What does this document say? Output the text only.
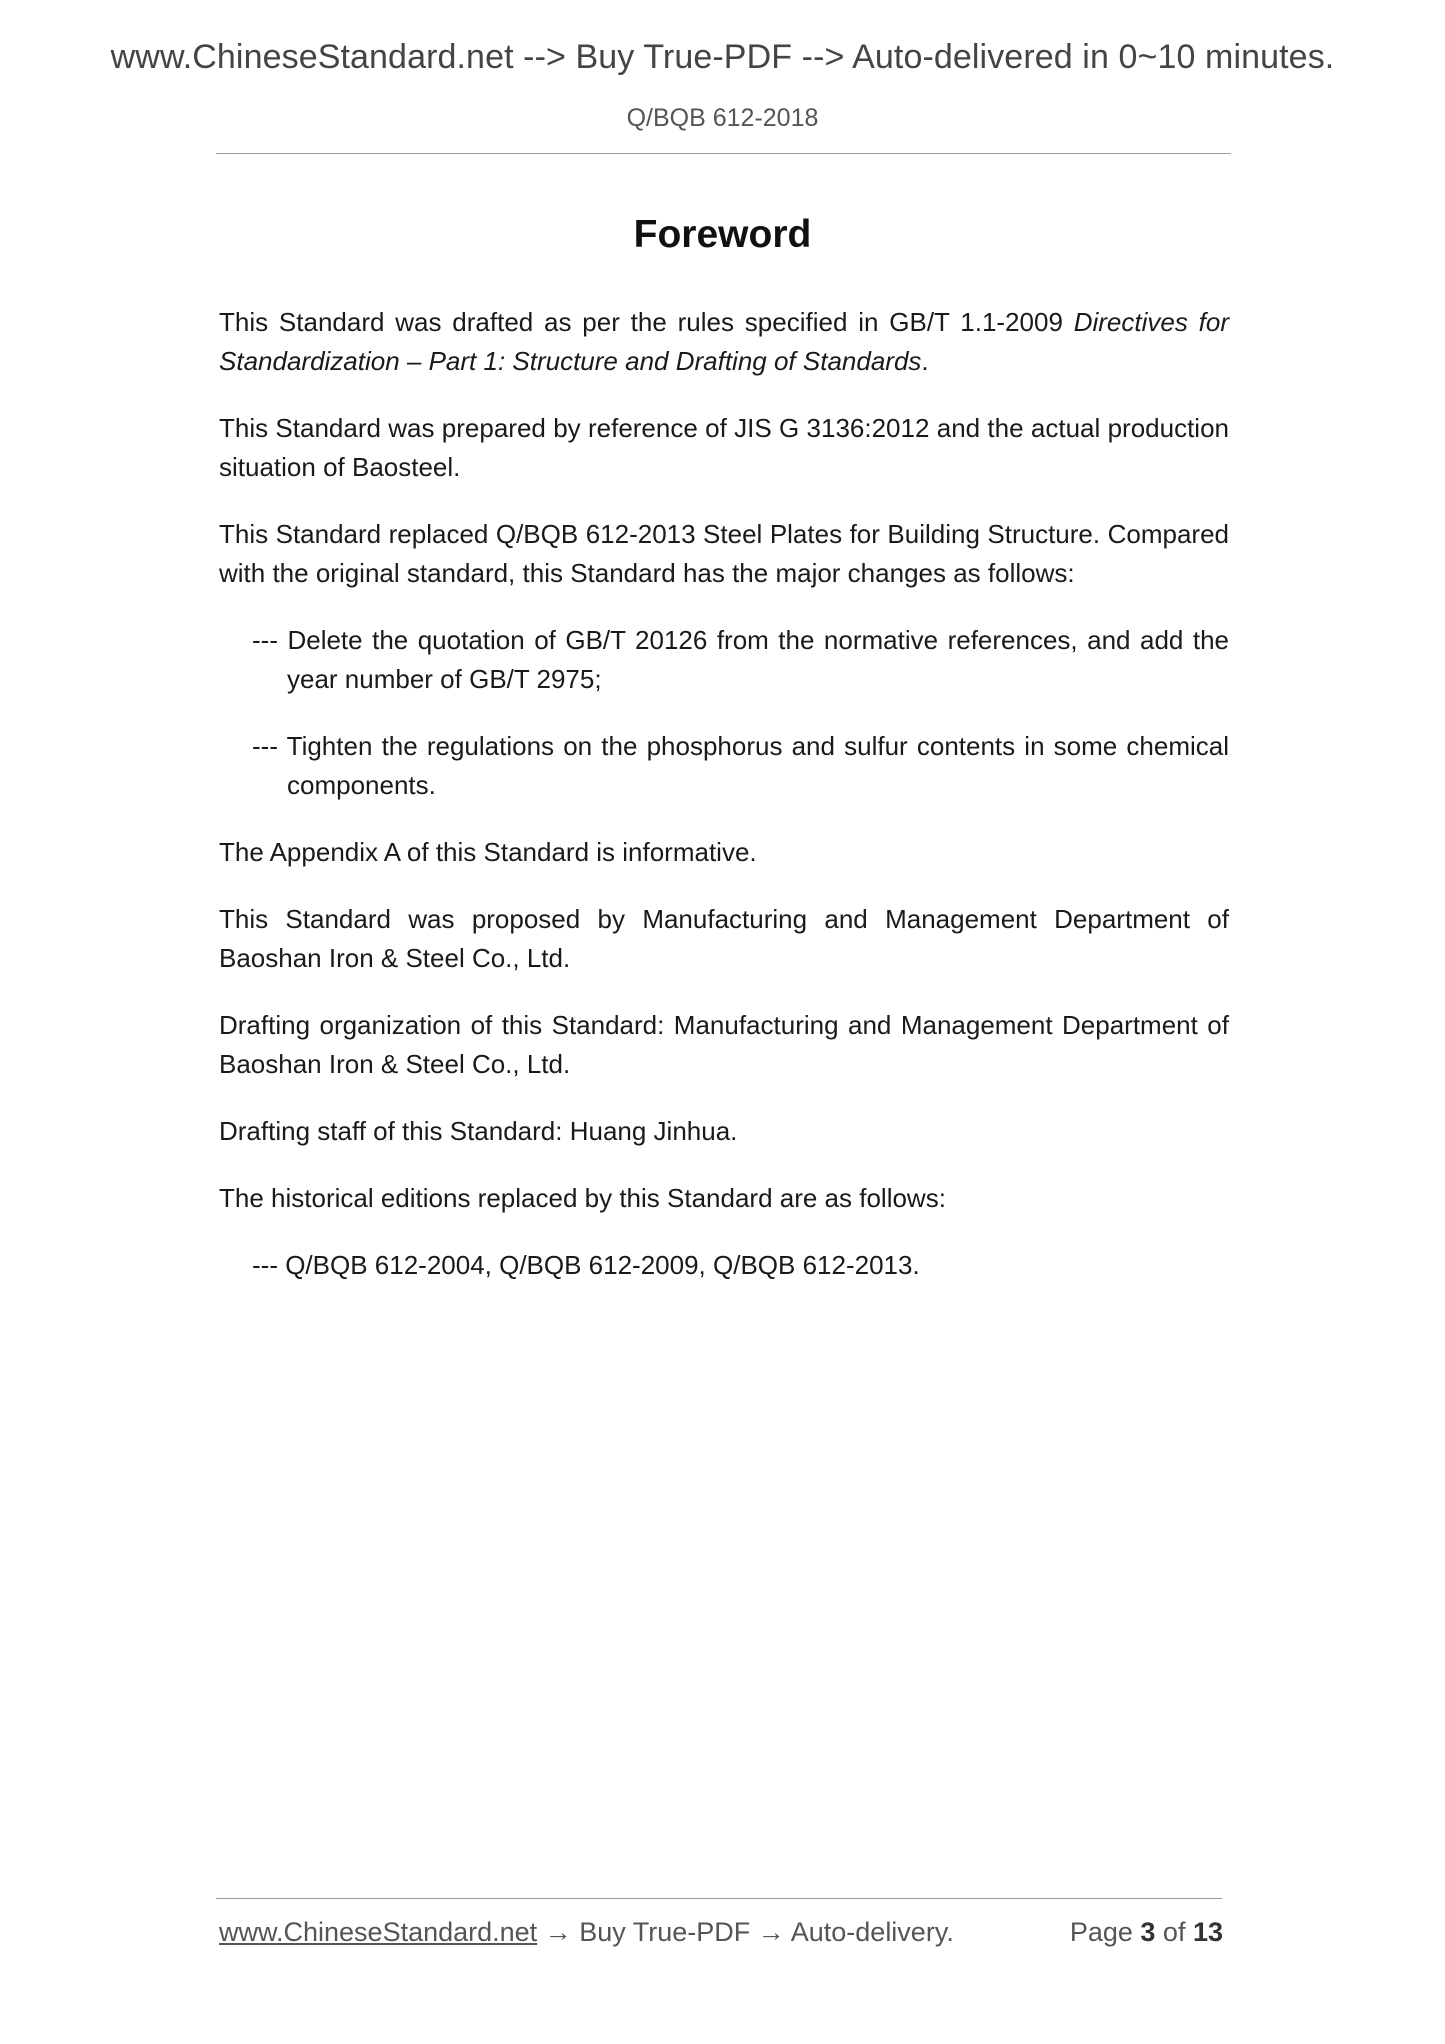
www.ChineseStandard.net --> Buy True-PDF --> Auto-delivered in 0~10 minutes.
Q/BQB 612-2018
Foreword

This Standard was drafted as per the rules specified in GB/T 1.1-2009 Directives for Standardization – Part 1: Structure and Drafting of Standards.

This Standard was prepared by reference of JIS G 3136:2012 and the actual production situation of Baosteel.

This Standard replaced Q/BQB 612-2013 Steel Plates for Building Structure. Compared with the original standard, this Standard has the major changes as follows:

--- Delete the quotation of GB/T 20126 from the normative references, and add the year number of GB/T 2975;

--- Tighten the regulations on the phosphorus and sulfur contents in some chemical components.

The Appendix A of this Standard is informative.

This Standard was proposed by Manufacturing and Management Department of Baoshan Iron & Steel Co., Ltd.

Drafting organization of this Standard: Manufacturing and Management Department of Baoshan Iron & Steel Co., Ltd.

Drafting staff of this Standard: Huang Jinhua.

The historical editions replaced by this Standard are as follows:

--- Q/BQB 612-2004, Q/BQB 612-2009, Q/BQB 612-2013.

www.ChineseStandard.net → Buy True-PDF → Auto-delivery.	Page 3 of 13
